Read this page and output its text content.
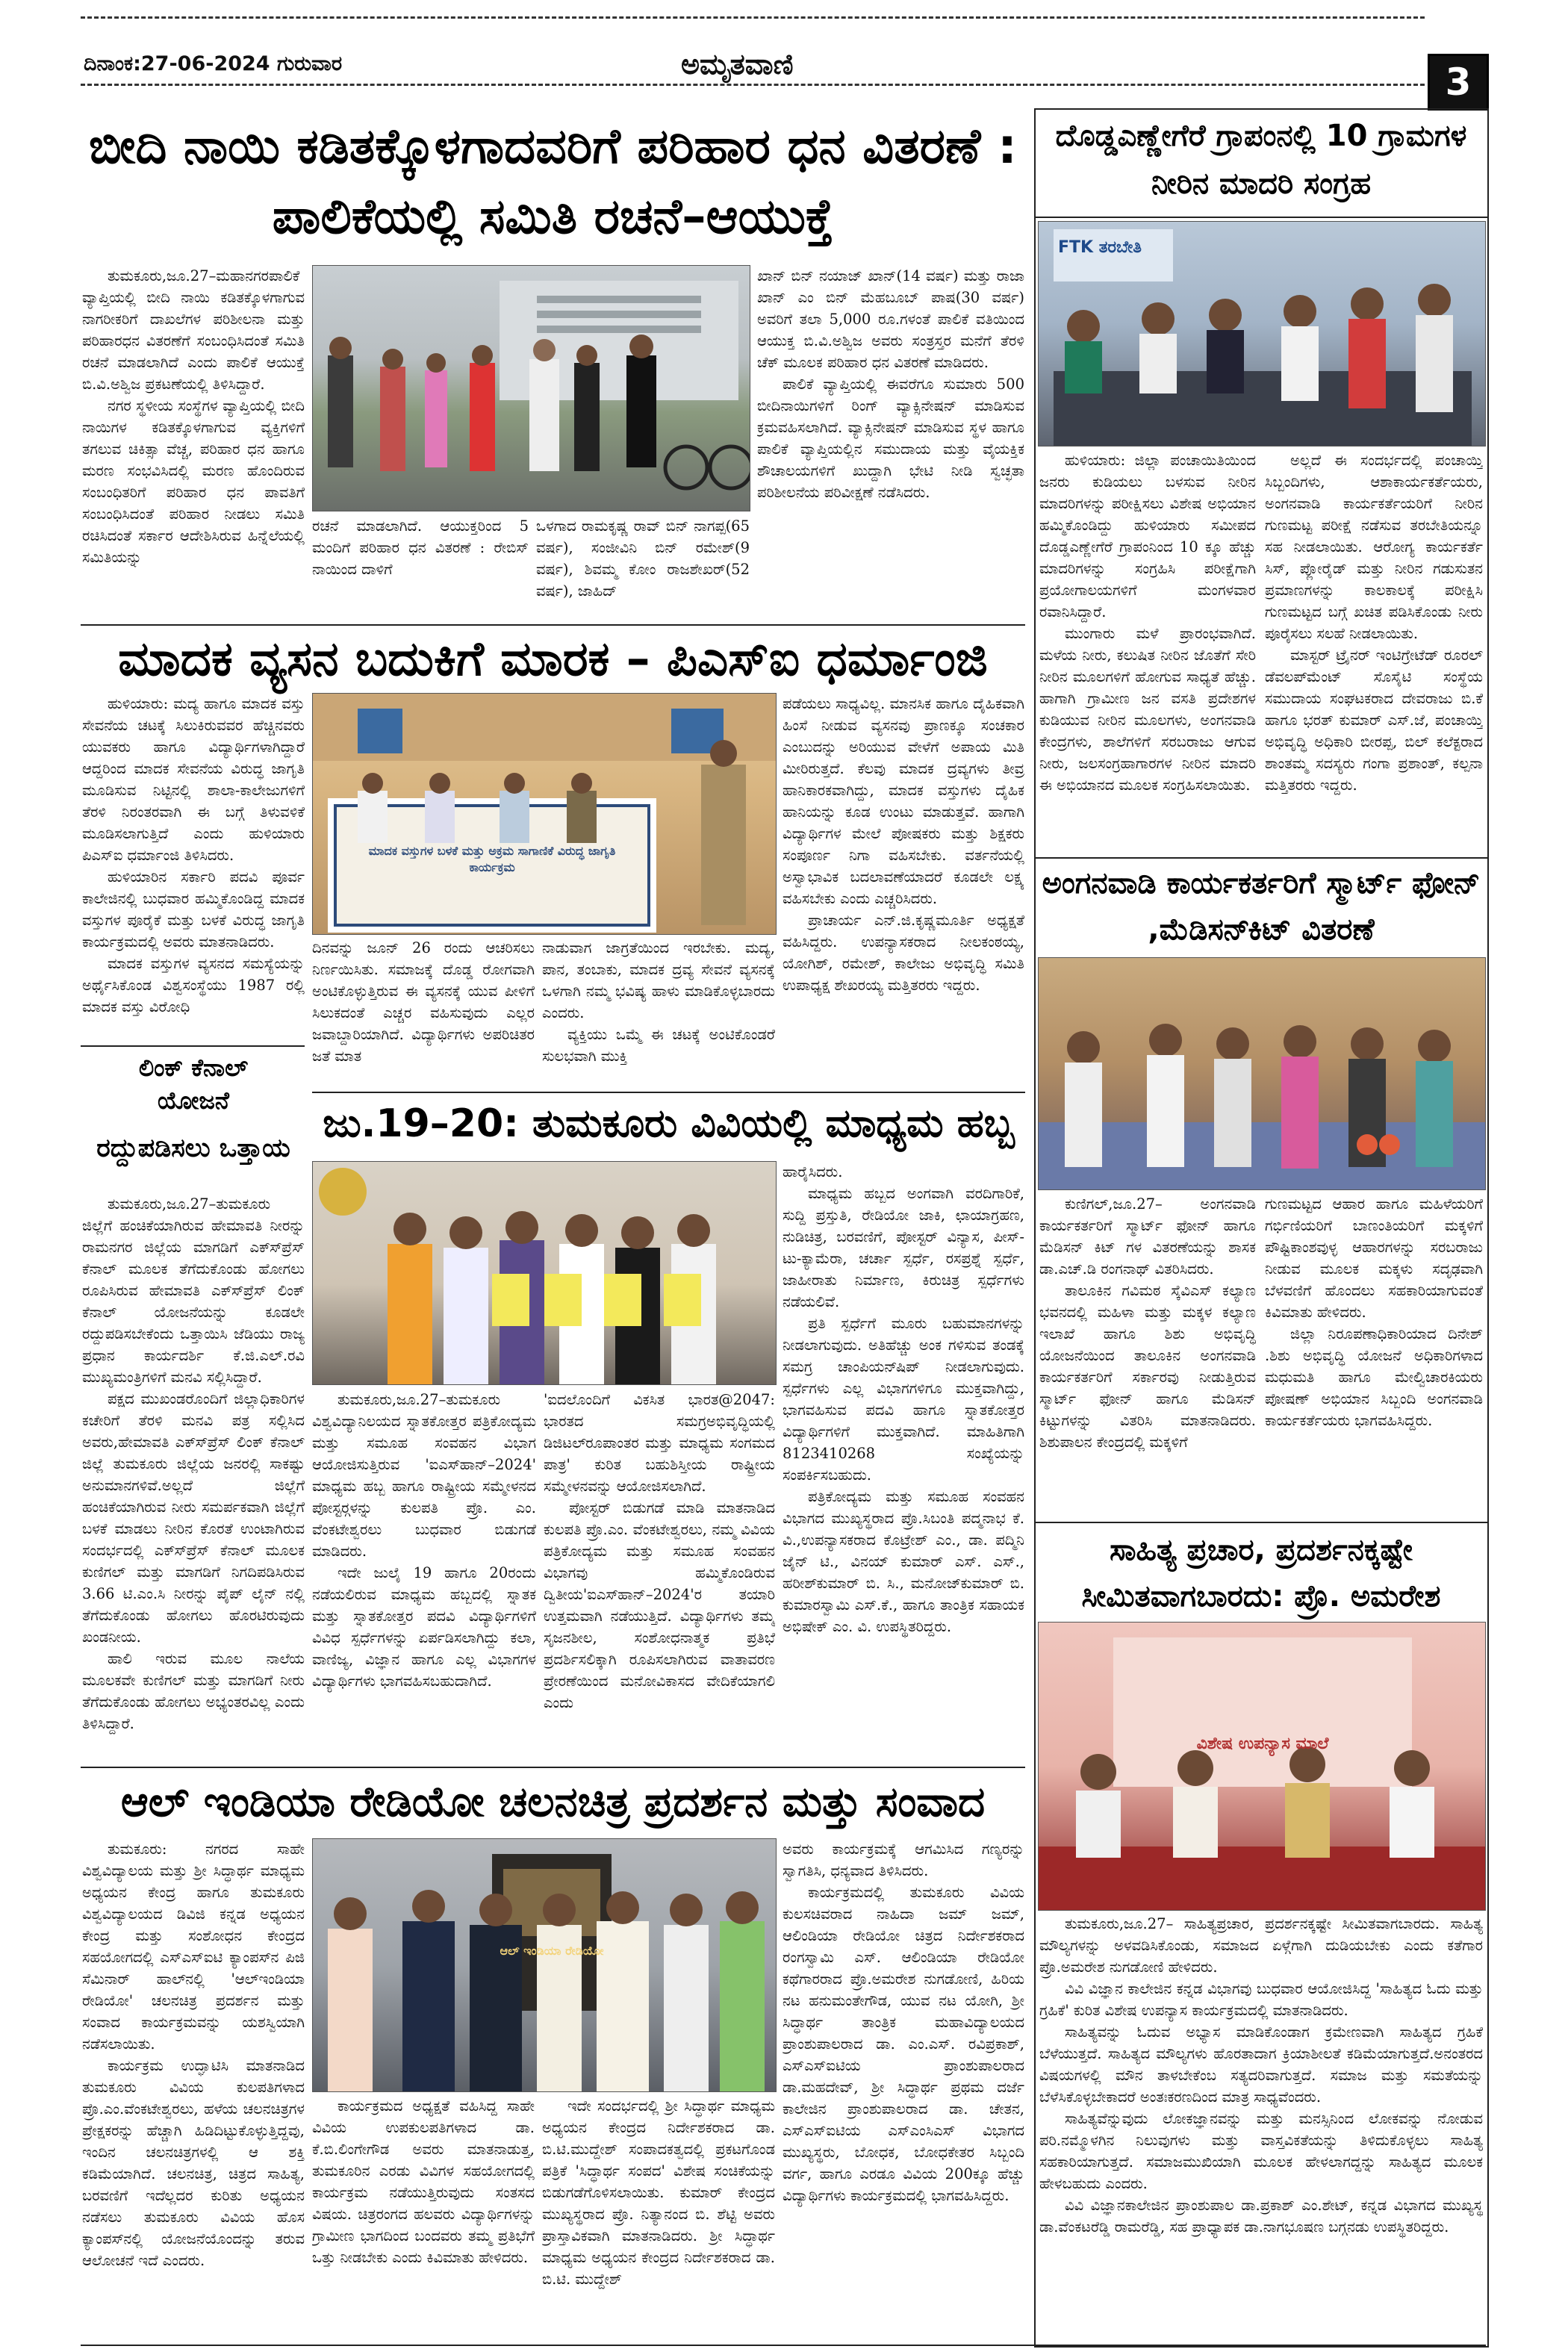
ದಿನಾಂಕ:27-06-2024 ಗುರುವಾರ	ಅಮೃತವಾಣಿ	3
ಬೀದಿ ನಾಯಿ ಕಡಿತಕ್ಕೊಳಗಾದವರಿಗೆ ಪರಿಹಾರ ಧನ ವಿತರಣೆ : ಪಾಲಿಕೆಯಲ್ಲಿ ಸಮಿತಿ ರಚನೆ–ಆಯುಕ್ತೆ

ತುಮಕೂರು,ಜೂ.27–ಮಹಾನಗರಪಾಲಿಕೆ ವ್ಯಾಪ್ತಿಯಲ್ಲಿ ಬೀದಿ ನಾಯಿ ಕಡಿತಕ್ಕೊಳಗಾಗುವ ನಾಗರೀಕರಿಗೆ ದಾಖಲೆಗಳ ಪರಿಶೀಲನಾ ಮತ್ತು ಪರಿಹಾರಧನ ವಿತರಣೆಗೆ ಸಂಬಂಧಿಸಿದಂತೆ ಸಮಿತಿ ರಚನೆ ಮಾಡಲಾಗಿದೆ ಎಂದು ಪಾಲಿಕೆ ಆಯುಕ್ತೆ ಬಿ.ವಿ.ಅಶ್ವಿಜ ಪ್ರಕಟಣೆಯಲ್ಲಿ ತಿಳಿಸಿದ್ದಾರೆ.

ನಗರ ಸ್ಥಳೀಯ ಸಂಸ್ಥೆಗಳ ವ್ಯಾಪ್ತಿಯಲ್ಲಿ ಬೀದಿ ನಾಯಿಗಳ ಕಡಿತಕ್ಕೊಳಗಾಗುವ ವ್ಯಕ್ತಿಗಳಿಗೆ ತಗಲುವ ಚಿಕಿತ್ಸಾ ವೆಚ್ಚ, ಪರಿಹಾರ ಧನ ಹಾಗೂ ಮರಣ ಸಂಭವಿಸಿದಲ್ಲಿ ಮರಣ ಹೊಂದಿರುವ ಸಂಬಂಧಿತರಿಗೆ ಪರಿಹಾರ ಧನ ಪಾವತಿಗೆ ಸಂಬಂಧಿಸಿದಂತೆ ಪರಿಹಾರ ನೀಡಲು ಸಮಿತಿ ರಚಿಸಿದಂತೆ ಸರ್ಕಾರ ಆದೇಶಿಸಿರುವ ಹಿನ್ನೆಲೆಯಲ್ಲಿ ಸಮಿತಿಯನ್ನು

ರಚನೆ ಮಾಡಲಾಗಿದೆ. ಆಯುಕ್ತರಿಂದ 5 ಮಂದಿಗೆ ಪರಿಹಾರ ಧನ ವಿತರಣೆ : ರೇಬಿಸ್ ನಾಯಿಂದ ದಾಳಿಗೆ

ಒಳಗಾದ ರಾಮಕೃಷ್ಣ ರಾವ್ ಬಿನ್ ನಾಗಪ್ಪ(65 ವರ್ಷ), ಸಂಜೀವಿನಿ ಬಿನ್ ರಮೇಶ್(9 ವರ್ಷ), ಶಿವಮ್ಮ ಕೋಂ ರಾಜಶೇಖರ್(52 ವರ್ಷ), ಜಾಹಿದ್

ಖಾನ್ ಬಿನ್ ನಯಾಜ್ ಖಾನ್(14 ವರ್ಷ) ಮತ್ತು ರಾಜಾ ಖಾನ್ ಎಂ ಬಿನ್ ಮೆಹಬೂಬ್ ಪಾಷ(30 ವರ್ಷ) ಅವರಿಗೆ ತಲಾ 5,000 ರೂ.ಗಳಂತೆ ಪಾಲಿಕೆ ವತಿಯಿಂದ ಆಯುಕ್ತ ಬಿ.ವಿ.ಅಶ್ವಿಜ ಅವರು ಸಂತ್ರಸ್ತರ ಮನೆಗೆ ತೆರಳಿ ಚೆಕ್ ಮೂಲಕ ಪರಿಹಾರ ಧನ ವಿತರಣೆ ಮಾಡಿದರು.

ಪಾಲಿಕೆ ವ್ಯಾಪ್ತಿಯಲ್ಲಿ ಈವರೆಗೂ ಸುಮಾರು 500 ಬೀದಿನಾಯಿಗಳಿಗೆ ರಿಂಗ್ ವ್ಯಾಕ್ಸಿನೇಷನ್ ಮಾಡಿಸುವ ಕ್ರಮವಹಿಸಲಾಗಿದೆ. ವ್ಯಾಕ್ಸಿನೇಷನ್ ಮಾಡಿಸುವ ಸ್ಥಳ ಹಾಗೂ ಪಾಲಿಕೆ ವ್ಯಾಪ್ತಿಯಲ್ಲಿನ ಸಮುದಾಯ ಮತ್ತು ವೈಯಕ್ತಿಕ ಶೌಚಾಲಯಗಳಿಗೆ ಖುದ್ದಾಗಿ ಭೇಟಿ ನೀಡಿ ಸ್ವಚ್ಛತಾ ಪರಿಶೀಲನೆಯ ಪರಿವೀಕ್ಷಣೆ ನಡೆಸಿದರು.

ಮಾದಕ ವ್ಯಸನ ಬದುಕಿಗೆ ಮಾರಕ – ಪಿಎಸ್ಐ ಧರ್ಮಾಂಜಿ

ಹುಳಿಯಾರು: ಮದ್ಯ ಹಾಗೂ ಮಾದಕ ವಸ್ತು ಸೇವನೆಯ ಚಟಕ್ಕೆ ಸಿಲುಕಿರುವವರ ಹೆಚ್ಚಿನವರು ಯುವಕರು ಹಾಗೂ ವಿದ್ಯಾರ್ಥಿಗಳಾಗಿದ್ದಾರೆ ಆದ್ದರಿಂದ ಮಾದಕ ಸೇವನೆಯ ವಿರುದ್ಧ ಜಾಗೃತಿ ಮೂಡಿಸುವ ನಿಟ್ಟಿನಲ್ಲಿ ಶಾಲಾ-ಕಾಲೇಜುಗಳಿಗೆ ತೆರಳಿ ನಿರಂತರವಾಗಿ ಈ ಬಗ್ಗೆ ತಿಳುವಳಿಕೆ ಮೂಡಿಸಲಾಗುತ್ತಿದೆ ಎಂದು ಹುಳಿಯಾರು ಪಿಎಸ್ಐ ಧರ್ಮಾಂಜಿ ತಿಳಿಸಿದರು.

ಹುಳಿಯಾರಿನ ಸರ್ಕಾರಿ ಪದವಿ ಪೂರ್ವ ಕಾಲೇಜಿನಲ್ಲಿ ಬುಧವಾರ ಹಮ್ಮಿಕೊಂಡಿದ್ದ ಮಾದಕ ವಸ್ತುಗಳ ಪೂರೈಕೆ ಮತ್ತು ಬಳಕೆ ವಿರುದ್ಧ ಜಾಗೃತಿ ಕಾರ್ಯಕ್ರಮದಲ್ಲಿ ಅವರು ಮಾತನಾಡಿದರು.

ಮಾದಕ ವಸ್ತುಗಳ ವ್ಯಸನದ ಸಮಸ್ಯೆಯನ್ನು ಅರ್ಥೈಸಿಕೊಂಡ ವಿಶ್ವಸಂಸ್ಥೆಯು 1987 ರಲ್ಲಿ ಮಾದಕ ವಸ್ತು ವಿರೋಧಿ

ಮಾದಕ ವಸ್ತುಗಳ ಬಳಕೆ ಮತ್ತು ಅಕ್ರಮ ಸಾಗಾಣಿಕೆ ವಿರುದ್ಧ ಜಾಗೃತಿ ಕಾರ್ಯಕ್ರಮ

ದಿನವನ್ನು ಜೂನ್ 26 ರಂದು ಆಚರಿಸಲು ನಿರ್ಣಯಿಸಿತು. ಸಮಾಜಕ್ಕೆ ದೊಡ್ಡ ರೋಗವಾಗಿ ಅಂಟಿಕೊಳ್ಳುತ್ತಿರುವ ಈ ವ್ಯಸನಕ್ಕೆ ಯುವ ಪೀಳಿಗೆ ಸಿಲುಕದಂತೆ ಎಚ್ಚರ ವಹಿಸುವುದು ಎಲ್ಲರ ಜವಾಬ್ದಾರಿಯಾಗಿದೆ. ವಿದ್ಯಾರ್ಥಿಗಳು ಅಪರಿಚಿತರ ಜತೆ ಮಾತ

ನಾಡುವಾಗ ಜಾಗ್ರತೆಯಿಂದ ಇರಬೇಕು. ಮದ್ಯ, ಪಾನ, ತಂಬಾಕು, ಮಾದಕ ದ್ರವ್ಯ ಸೇವನೆ ವ್ಯಸನಕ್ಕೆ ಒಳಗಾಗಿ ನಮ್ಮ ಭವಿಷ್ಯ ಹಾಳು ಮಾಡಿಕೊಳ್ಳಬಾರದು ಎಂದರು.

ವ್ಯಕ್ತಿಯು ಒಮ್ಮೆ ಈ ಚಟಕ್ಕೆ ಅಂಟಿಕೊಂಡರೆ ಸುಲಭವಾಗಿ ಮುಕ್ತಿ

ಪಡೆಯಲು ಸಾಧ್ಯವಿಲ್ಲ. ಮಾನಸಿಕ ಹಾಗೂ ದೈಹಿಕವಾಗಿ ಹಿಂಸೆ ನೀಡುವ ವ್ಯಸನವು ಪ್ರಾಣಕ್ಕೂ ಸಂಚಕಾರ ಎಂಬುದನ್ನು ಅರಿಯುವ ವೇಳೆಗೆ ಅಪಾಯ ಮಿತಿ ಮೀರಿರುತ್ತದೆ. ಕೆಲವು ಮಾದಕ ದ್ರವ್ಯಗಳು ತೀವ್ರ ಹಾನಿಕಾರಕವಾಗಿದ್ದು, ಮಾದಕ ವಸ್ತುಗಳು ದೈಹಿಕ ಹಾನಿಯನ್ನು ಕೂಡ ಉಂಟು ಮಾಡುತ್ತವೆ. ಹಾಗಾಗಿ ವಿದ್ಯಾರ್ಥಿಗಳ ಮೇಲೆ ಪೋಷಕರು ಮತ್ತು ಶಿಕ್ಷಕರು ಸಂಪೂರ್ಣ ನಿಗಾ ವಹಿಸಬೇಕು. ವರ್ತನೆಯಲ್ಲಿ ಅಸ್ವಾಭಾವಿಕ ಬದಲಾವಣೆಯಾದರೆ ಕೂಡಲೇ ಲಕ್ಷ್ಯ ವಹಿಸಬೇಕು ಎಂದು ಎಚ್ಚರಿಸಿದರು.

ಪ್ರಾಚಾರ್ಯ ಎನ್.ಜಿ.ಕೃಷ್ಣಮೂರ್ತಿ ಅಧ್ಯಕ್ಷತೆ ವಹಿಸಿದ್ದರು. ಉಪನ್ಯಾಸಕರಾದ ನೀಲಕಂಠಯ್ಯ, ಯೋಗಿಶ್, ರಮೇಶ್, ಕಾಲೇಜು ಅಭಿವೃದ್ಧಿ ಸಮಿತಿ ಉಪಾಧ್ಯಕ್ಷ ಶೇಖರಯ್ಯ ಮತ್ತಿತರರು ಇದ್ದರು.

ಲಿಂಕ್ ಕೆನಾಲ್
ಯೋಜನೆ
ರದ್ದುಪಡಿಸಲು ಒತ್ತಾಯ

ತುಮಕೂರು,ಜೂ.27–ತುಮಕೂರು ಜಿಲ್ಲೆಗೆ ಹಂಚಿಕೆಯಾಗಿರುವ ಹೇಮಾವತಿ ನೀರನ್ನು ರಾಮನಗರ ಜಿಲ್ಲೆಯ ಮಾಗಡಿಗೆ ಎಕ್ಸ್‍ಪ್ರೆಸ್ ಕೆನಾಲ್ ಮೂಲಕ ತೆಗೆದುಕೊಂಡು ಹೋಗಲು ರೂಪಿಸಿರುವ ಹೇಮಾವತಿ ಎಕ್ಸ್‍ಪ್ರೆಸ್ ಲಿಂಕ್ ಕೆನಾಲ್ ಯೋಜನೆಯನ್ನು ಕೂಡಲೇ ರದ್ದುಪಡಿಸಬೇಕೆಂದು ಒತ್ತಾಯಿಸಿ ಜೆಡಿಯು ರಾಜ್ಯ ಪ್ರಧಾನ ಕಾರ್ಯದರ್ಶಿ ಕೆ.ಜಿ.ಎಲ್.ರವಿ ಮುಖ್ಯಮಂತ್ರಿಗಳಿಗೆ ಮನವಿ ಸಲ್ಲಿಸಿದ್ದಾರೆ.

ಪಕ್ಷದ ಮುಖಂಡರೊಂದಿಗೆ ಜಿಲ್ಲಾಧಿಕಾರಿಗಳ ಕಚೇರಿಗೆ ತೆರಳಿ ಮನವಿ ಪತ್ರ ಸಲ್ಲಿಸಿದ ಅವರು,ಹೇಮಾವತಿ ಎಕ್ಸ್‍ಪ್ರೆಸ್ ಲಿಂಕ್ ಕೆನಾಲ್ ಜಿಲ್ಲೆ ತುಮಕೂರು ಜಿಲ್ಲೆಯ ಜನರಲ್ಲಿ ಸಾಕಷ್ಟು ಅನುಮಾನಗಳಿವೆ.ಅಲ್ಲದೆ ಜಿಲ್ಲೆಗೆ ಹಂಚಿಕೆಯಾಗಿರುವ ನೀರು ಸಮರ್ಪಕವಾಗಿ ಜಿಲ್ಲೆಗೆ ಬಳಕೆ ಮಾಡಲು ನೀರಿನ ಕೊರತೆ ಉಂಟಾಗಿರುವ ಸಂದರ್ಭದಲ್ಲಿ ಎಕ್ಸ್‍ಪ್ರೆಸ್ ಕೆನಾಲ್ ಮೂಲಕ ಕುಣಿಗಲ್ ಮತ್ತು ಮಾಗಡಿಗೆ ನಿಗದಿಪಡಿಸಿರುವ 3.66 ಟಿ.ಎಂ.ಸಿ ನೀರನ್ನು ಪೈಪ್ ಲೈನ್ ನಲ್ಲಿ ತೆಗೆದುಕೊಂಡು ಹೋಗಲು ಹೊರಟಿರುವುದು ಖಂಡನೀಯ.

ಹಾಲಿ ಇರುವ ಮೂಲ ನಾಲೆಯ ಮೂಲಕವೇ ಕುಣಿಗಲ್ ಮತ್ತು ಮಾಗಡಿಗೆ ನೀರು ತೆಗೆದುಕೊಂಡು ಹೋಗಲು ಅಭ್ಯಂತರವಿಲ್ಲ ಎಂದು ತಿಳಿಸಿದ್ದಾರೆ.

ಜು.19–20: ತುಮಕೂರು ವಿವಿಯಲ್ಲಿ ಮಾಧ್ಯಮ ಹಬ್ಬ

ತುಮಕೂರು,ಜೂ.27–ತುಮಕೂರು ವಿಶ್ವವಿದ್ಯಾನಿಲಯದ ಸ್ನಾತಕೋತ್ತರ ಪತ್ರಿಕೋದ್ಯಮ ಮತ್ತು ಸಮೂಹ ಸಂವಹನ ವಿಭಾಗ ಆಯೋಜಿಸುತ್ತಿರುವ 'ಐಎಸ್‍ಹಾನ್–2024' ಮಾಧ್ಯಮ ಹಬ್ಬ ಹಾಗೂ ರಾಷ್ಟ್ರೀಯ ಸಮ್ಮೇಳನದ ಪೋಸ್ಟರ್‍ಗಳನ್ನು ಕುಲಪತಿ ಪ್ರೊ. ಎಂ. ವೆಂಕಟೇಶ್ವರಲು ಬುಧವಾರ ಬಿಡುಗಡೆ ಮಾಡಿದರು.

ಇದೇ ಜುಲೈ 19 ಹಾಗೂ 20ರಂದು ನಡೆಯಲಿರುವ ಮಾಧ್ಯಮ ಹಬ್ಬದಲ್ಲಿ ಸ್ನಾತಕ ಮತ್ತು ಸ್ನಾತಕೋತ್ತರ ಪದವಿ ವಿದ್ಯಾರ್ಥಿಗಳಿಗೆ ವಿವಿಧ ಸ್ಪರ್ಧೆಗಳನ್ನು ಏರ್ಪಡಿಸಲಾಗಿದ್ದು ಕಲಾ, ವಾಣಿಜ್ಯ, ವಿಜ್ಞಾನ ಹಾಗೂ ಎಲ್ಲ ವಿಭಾಗಗಳ ವಿದ್ಯಾರ್ಥಿಗಳು ಭಾಗವಹಿಸಬಹುದಾಗಿದೆ.

'ಐದಲೊಂದಿಗೆ ವಿಕಸಿತ ಭಾರತ@2047: ಭಾರತದ ಸಮಗ್ರಅಭಿವೃದ್ಧಿಯಲ್ಲಿ ಡಿಜಿಟಲ್‍ರೂಪಾಂತರ ಮತ್ತು ಮಾಧ್ಯಮ ಸಂಗಮದ ಪಾತ್ರ' ಕುರಿತ ಬಹುಶಿಸ್ತೀಯ ರಾಷ್ಟ್ರೀಯ ಸಮ್ಮೇಳನವನ್ನು ಆಯೋಜಿಸಲಾಗಿದೆ.

ಪೋಸ್ಟರ್ ಬಿಡುಗಡೆ ಮಾಡಿ ಮಾತನಾಡಿದ ಕುಲಪತಿ ಪ್ರೊ.ಎಂ. ವೆಂಕಟೇಶ್ವರಲು, ನಮ್ಮ ವಿವಿಯ ಪತ್ರಿಕೋದ್ಯಮ ಮತ್ತು ಸಮೂಹ ಸಂವಹನ ವಿಭಾಗವು ಹಮ್ಮಿಕೊಂಡಿರುವ ದ್ವಿತೀಯ'ಐಎಸ್‍ಹಾನ್–2024'ರ ತಯಾರಿ ಉತ್ತಮವಾಗಿ ನಡೆಯುತ್ತಿದೆ. ವಿದ್ಯಾರ್ಥಿಗಳು ತಮ್ಮ ಸೃಜನಶೀಲ, ಸಂಶೋಧನಾತ್ಮಕ ಪ್ರತಿಭೆ ಪ್ರದರ್ಶಿಸಲಿಕ್ಕಾಗಿ ರೂಪಿಸಲಾಗಿರುವ ವಾತಾವರಣ ಪ್ರೇರಣೆಯಿಂದ ಮನೋವಿಕಾಸದ ವೇದಿಕೆಯಾಗಲಿ ಎಂದು

ಹಾರೈಸಿದರು.

ಮಾಧ್ಯಮ ಹಬ್ಬದ ಅಂಗವಾಗಿ ವರದಿಗಾರಿಕೆ, ಸುದ್ದಿ ಪ್ರಸ್ತುತಿ, ರೇಡಿಯೋ ಜಾಕಿ, ಛಾಯಾಗ್ರಹಣ, ನುಡಿಚಿತ್ರ, ಬರವಣಿಗೆ, ಪೋಸ್ಟರ್ ವಿನ್ಯಾಸ, ಪೀಸ್-ಟು-ಕ್ಯಾಮೆರಾ, ಚರ್ಚಾ ಸ್ಪರ್ಧೆ, ರಸಪ್ರಶ್ನೆ ಸ್ಪರ್ಧೆ, ಜಾಹೀರಾತು ನಿರ್ಮಾಣ, ಕಿರುಚಿತ್ರ ಸ್ಪರ್ಧೆಗಳು ನಡೆಯಲಿವೆ.

ಪ್ರತಿ ಸ್ಪರ್ಧೆಗೆ ಮೂರು ಬಹುಮಾನಗಳನ್ನು ನೀಡಲಾಗುವುದು. ಅತಿಹೆಚ್ಚು ಅಂಕ ಗಳಿಸುವ ತಂಡಕ್ಕೆ ಸಮಗ್ರ ಚಾಂಪಿಯನ್‍ಷಿಪ್ ನೀಡಲಾಗುವುದು. ಸ್ಪರ್ಧೆಗಳು ಎಲ್ಲ ವಿಭಾಗಗಳಿಗೂ ಮುಕ್ತವಾಗಿದ್ದು, ಭಾಗವಹಿಸುವ ಪದವಿ ಹಾಗೂ ಸ್ನಾತಕೋತ್ತರ ವಿದ್ಯಾರ್ಥಿಗಳಿಗೆ ಮುಕ್ತವಾಗಿದೆ. ಮಾಹಿತಿಗಾಗಿ 8123410268 ಸಂಖ್ಯೆಯನ್ನು ಸಂಪರ್ಕಿಸಬಹುದು.

ಪತ್ರಿಕೋದ್ಯಮ ಮತ್ತು ಸಮೂಹ ಸಂವಹನ ವಿಭಾಗದ ಮುಖ್ಯಸ್ಥರಾದ ಪ್ರೊ.ಸಿಬಂತಿ ಪದ್ಮನಾಭ ಕೆ. ವಿ.,ಉಪನ್ಯಾಸಕರಾದ ಕೊಟ್ರೇಶ್ ಎಂ., ಡಾ. ಪದ್ಮಿನಿ ಜೈನ್ ಟಿ., ವಿನಯ್ ಕುಮಾರ್ ಎಸ್. ಎಸ್., ಹರೀಶ್‍ಕುಮಾರ್ ಬಿ. ಸಿ., ಮನೋಜ್‍ಕುಮಾರ್ ಬಿ. ಕುಮಾರಸ್ವಾಮಿ ಎಸ್.ಕೆ., ಹಾಗೂ ತಾಂತ್ರಿಕ ಸಹಾಯಕ ಅಭಿಷೇಕ್ ಎಂ. ವಿ. ಉಪಸ್ಥಿತರಿದ್ದರು.

ಆಲ್ ಇಂಡಿಯಾ ರೇಡಿಯೋ ಚಲನಚಿತ್ರ ಪ್ರದರ್ಶನ ಮತ್ತು ಸಂವಾದ

ತುಮಕೂರು: ನಗರದ ಸಾಹೇ ವಿಶ್ವವಿದ್ಯಾಲಯ ಮತ್ತು ಶ್ರೀ ಸಿದ್ಧಾರ್ಥ ಮಾಧ್ಯಮ ಅಧ್ಯಯನ ಕೇಂದ್ರ ಹಾಗೂ ತುಮಕೂರು ವಿಶ್ವವಿದ್ಯಾಲಯದ ಡಿವಿಜಿ ಕನ್ನಡ ಅಧ್ಯಯನ ಕೇಂದ್ರ ಮತ್ತು ಸಂಶೋಧನ ಕೇಂದ್ರದ ಸಹಯೋಗದಲ್ಲಿ ಎಸ್‍ಎಸ್‍ಐಟಿ ಕ್ಯಾಂಪಸ್‍ನ ಪಿಜಿ ಸೆಮಿನಾರ್ ಹಾಲ್‍ನಲ್ಲಿ 'ಆಲ್‍ಇಂಡಿಯಾ ರೇಡಿಯೋ' ಚಲನಚಿತ್ರ ಪ್ರದರ್ಶನ ಮತ್ತು ಸಂವಾದ ಕಾರ್ಯಕ್ರಮವನ್ನು ಯಶಸ್ವಿಯಾಗಿ ನಡೆಸಲಾಯಿತು.

ಕಾರ್ಯಕ್ರಮ ಉದ್ಘಾಟಿಸಿ ಮಾತನಾಡಿದ ತುಮಕೂರು ವಿವಿಯ ಕುಲಪತಿಗಳಾದ ಪ್ರೊ.ಎಂ.ವೆಂಕಟೇಶ್ವರಲು, ಹಳೆಯ ಚಲನಚಿತ್ರಗಳ ಪ್ರೇಕ್ಷಕರನ್ನು ಹೆಚ್ಚಾಗಿ ಹಿಡಿದಿಟ್ಟುಕೊಳ್ಳುತ್ತಿದ್ದವು, ಇಂದಿನ ಚಲನಚಿತ್ರಗಳಲ್ಲಿ ಆ ಶಕ್ತಿ ಕಡಿಮೆಯಾಗಿದೆ. ಚಲನಚಿತ್ರ, ಚಿತ್ರದ ಸಾಹಿತ್ಯ, ಬರವಣಿಗೆ ಇದೆಲ್ಲದರ ಕುರಿತು ಅಧ್ಯಯನ ನಡೆಸಲು ತುಮಕೂರು ವಿವಿಯ ಹೊಸ ಕ್ಯಾಂಪಸ್‍ನಲ್ಲಿ ಯೋಜನೆಯೊಂದನ್ನು ತರುವ ಆಲೋಚನೆ ಇದೆ ಎಂದರು.

ಆಲ್ ಇಂಡಿಯಾ ರೇಡಿಯೋ

ಕಾರ್ಯಕ್ರಮದ ಅಧ್ಯಕ್ಷತೆ ವಹಿಸಿದ್ದ ಸಾಹೇ ವಿವಿಯ ಉಪಕುಲಪತಿಗಳಾದ ಡಾ. ಕೆ.ಬಿ.ಲಿಂಗೇಗೌಡ ಅವರು ಮಾತನಾಡುತ್ತ, ತುಮಕೂರಿನ ಎರಡು ವಿವಿಗಳ ಸಹಯೋಗದಲ್ಲಿ ಕಾರ್ಯಕ್ರಮ ನಡೆಯುತ್ತಿರುವುದು ಸಂತಸದ ವಿಷಯ. ಚಿತ್ರರಂಗದ ಹಲವರು ವಿದ್ಯಾರ್ಥಿಗಳನ್ನು ಗ್ರಾಮೀಣ ಭಾಗದಿಂದ ಬಂದವರು ತಮ್ಮ ಪ್ರತಿಭೆಗೆ ಒತ್ತು ನೀಡಬೇಕು ಎಂದು ಕಿವಿಮಾತು ಹೇಳಿದರು.

ಇದೇ ಸಂದರ್ಭದಲ್ಲಿ ಶ್ರೀ ಸಿದ್ಧಾರ್ಥ ಮಾಧ್ಯಮ ಅಧ್ಯಯನ ಕೇಂದ್ರದ ನಿರ್ದೇಶಕರಾದ ಡಾ. ಬಿ.ಟಿ.ಮುದ್ದೇಶ್ ಸಂಪಾದಕತ್ವದಲ್ಲಿ ಪ್ರಕಟಗೊಂಡ ಪತ್ರಿಕೆ 'ಸಿದ್ಧಾರ್ಥ ಸಂಪದ' ವಿಶೇಷ ಸಂಚಿಕೆಯನ್ನು ಬಿಡುಗಡೆಗೊಳಿಸಲಾಯಿತು. ಕುಮಾರ್ ಕೇಂದ್ರದ ಮುಖ್ಯಸ್ಥರಾದ ಪ್ರೊ. ನಿತ್ಯಾನಂದ ಬಿ. ಶೆಟ್ಟಿ ಅವರು ಪ್ರಾಸ್ತಾವಿಕವಾಗಿ ಮಾತನಾಡಿದರು. ಶ್ರೀ ಸಿದ್ಧಾರ್ಥ ಮಾಧ್ಯಮ ಅಧ್ಯಯನ ಕೇಂದ್ರದ ನಿರ್ದೇಶಕರಾದ ಡಾ. ಬಿ.ಟಿ. ಮುದ್ದೇಶ್

ಅವರು ಕಾರ್ಯಕ್ರಮಕ್ಕೆ ಆಗಮಿಸಿದ ಗಣ್ಯರನ್ನು ಸ್ವಾಗತಿಸಿ, ಧನ್ಯವಾದ ತಿಳಿಸಿದರು.

ಕಾರ್ಯಕ್ರಮದಲ್ಲಿ ತುಮಕೂರು ವಿವಿಯ ಕುಲಸಚಿವರಾದ ನಾಹಿದಾ ಜಮ್ ಜಮ್, ಆಲಿಂಡಿಯಾ ರೇಡಿಯೋ ಚಿತ್ರದ ನಿರ್ದೇಶಕರಾದ ರಂಗಸ್ವಾಮಿ ಎಸ್. ಆಲಿಂಡಿಯಾ ರೇಡಿಯೋ ಕಥೆಗಾರರಾದ ಪ್ರೊ.ಅಮರೇಶ ನುಗಡೋಣಿ, ಹಿರಿಯ ನಟ ಹನುಮಂತೇಗೌಡ, ಯುವ ನಟ ಯೋಗಿ, ಶ್ರೀ ಸಿದ್ಧಾರ್ಥ ತಾಂತ್ರಿಕ ಮಹಾವಿದ್ಯಾಲಯದ ಪ್ರಾಂಶುಪಾಲರಾದ ಡಾ. ಎಂ.ಎಸ್. ರವಿಪ್ರಕಾಶ್, ಎಸ್‍ಎಸ್‍ಐಟಿಯ ಪ್ರಾಂಶುಪಾಲರಾದ ಡಾ.ಮಹದೇವ್, ಶ್ರೀ ಸಿದ್ಧಾರ್ಥ ಪ್ರಥಮ ದರ್ಜೆ ಕಾಲೇಜಿನ ಪ್ರಾಂಶುಪಾಲರಾದ ಡಾ. ಚೇತನ, ಎಸ್‍ಎಸ್‍ಐಟಿಯ ಎಸ್‍ಎಂಸಿಎಸ್ ವಿಭಾಗದ ಮುಖ್ಯಸ್ಥರು, ಬೋಧಕ, ಬೋಧಕೇತರ ಸಿಬ್ಬಂದಿ ವರ್ಗ, ಹಾಗೂ ಎರಡೂ ವಿವಿಯ 200ಕ್ಕೂ ಹೆಚ್ಚು ವಿದ್ಯಾರ್ಥಿಗಳು ಕಾರ್ಯಕ್ರಮದಲ್ಲಿ ಭಾಗವಹಿಸಿದ್ದರು.

ದೊಡ್ಡಎಣ್ಣೇಗೆರೆ ಗ್ರಾಪಂನಲ್ಲಿ 10 ಗ್ರಾಮಗಳ ನೀರಿನ ಮಾದರಿ ಸಂಗ್ರಹ
FTK ತರಬೇತಿ

ಹುಳಿಯಾರು: ಜಿಲ್ಲಾ ಪಂಚಾಯಿತಿಯಿಂದ ಜನರು ಕುಡಿಯಲು ಬಳಸುವ ನೀರಿನ ಮಾದರಿಗಳನ್ನು ಪರೀಕ್ಷಿಸಲು ವಿಶೇಷ ಅಭಿಯಾನ ಹಮ್ಮಿಕೊಂಡಿದ್ದು ಹುಳಿಯಾರು ಸಮೀಪದ ದೊಡ್ಡಎಣ್ಣೇಗೆರೆ ಗ್ರಾಪಂನಿಂದ 10 ಕ್ಕೂ ಹೆಚ್ಚು ಮಾದರಿಗಳನ್ನು ಸಂಗ್ರಹಿಸಿ ಪರೀಕ್ಷೆಗಾಗಿ ಪ್ರಯೋಗಾಲಯಗಳಿಗೆ ಮಂಗಳವಾರ ರವಾನಿಸಿದ್ದಾರೆ.

ಮುಂಗಾರು ಮಳೆ ಪ್ರಾರಂಭವಾಗಿದೆ. ಮಳೆಯ ನೀರು, ಕಲುಷಿತ ನೀರಿನ ಜೊತೆಗೆ ಸೇರಿ ನೀರಿನ ಮೂಲಗಳಿಗೆ ಹೋಗುವ ಸಾಧ್ಯತೆ ಹೆಚ್ಚು. ಹಾಗಾಗಿ ಗ್ರಾಮೀಣ ಜನ ವಸತಿ ಪ್ರದೇಶಗಳ ಕುಡಿಯುವ ನೀರಿನ ಮೂಲಗಳು, ಅಂಗನವಾಡಿ ಕೇಂದ್ರಗಳು, ಶಾಲೆಗಳಿಗೆ ಸರಬರಾಜು ಆಗುವ ನೀರು, ಜಲಸಂಗ್ರಹಾಗಾರಗಳ ನೀರಿನ ಮಾದರಿ ಈ ಅಭಿಯಾನದ ಮೂಲಕ ಸಂಗ್ರಹಿಸಲಾಯಿತು.

ಅಲ್ಲದೆ ಈ ಸಂದರ್ಭದಲ್ಲಿ ಪಂಚಾಯ್ತಿ ಸಿಬ್ಬಂದಿಗಳು, ಆಶಾಕಾರ್ಯಕರ್ತೆಯರು, ಅಂಗನವಾಡಿ ಕಾರ್ಯಕರ್ತೆಯರಿಗೆ ನೀರಿನ ಗುಣಮಟ್ಟ ಪರೀಕ್ಷೆ ನಡೆಸುವ ತರಬೇತಿಯನ್ನೂ ಸಹ ನೀಡಲಾಯಿತು. ಆರೋಗ್ಯ ಕಾರ್ಯಕರ್ತೆ ಸಿಸ್, ಪ್ಲೋರೈಡ್ ಮತ್ತು ನೀರಿನ ಗಡುಸುತನ ಪ್ರಮಾಣಗಳನ್ನು ಕಾಲಕಾಲಕ್ಕೆ ಪರೀಕ್ಷಿಸಿ ಗುಣಮಟ್ಟದ ಬಗ್ಗೆ ಖಚಿತ ಪಡಿಸಿಕೊಂಡು ನೀರು ಪೂರೈಸಲು ಸಲಹೆ ನೀಡಲಾಯಿತು.

ಮಾಸ್ಟರ್ ಟ್ರೈನರ್ ಇಂಟಿಗ್ರೇಟೆಡ್ ರೂರಲ್ ಡೆವಲಪ್‍ಮೆಂಟ್ ಸೊಸೈಟಿ ಸಂಸ್ಥೆಯ ಸಮುದಾಯ ಸಂಘಟಕರಾದ ದೇವರಾಜು ಬಿ.ಕೆ ಹಾಗೂ ಭರತ್ ಕುಮಾರ್ ಎಸ್.ಜೆ, ಪಂಚಾಯ್ತಿ ಅಭಿವೃದ್ಧಿ ಅಧಿಕಾರಿ ಬೀರಪ್ಪ, ಬಿಲ್ ಕಲೆಕ್ಟರಾದ ಶಾಂತಮ್ಮ ಸದಸ್ಯರು ಗಂಗಾ ಪ್ರಶಾಂತ್, ಕಲ್ಪನಾ ಮತ್ತಿತರರು ಇದ್ದರು.

ಅಂಗನವಾಡಿ ಕಾರ್ಯಕರ್ತರಿಗೆ ಸ್ಮಾರ್ಟ್ ಫೋನ್ ,ಮೆಡಿಸನ್‍ಕಿಟ್ ವಿತರಣೆ

ಕುಣಿಗಲ್,ಜೂ.27– ಅಂಗನವಾಡಿ ಕಾರ್ಯಕರ್ತರಿಗೆ ಸ್ಮಾರ್ಟ್ ಫೋನ್ ಹಾಗೂ ಮೆಡಿಸನ್ ಕಿಟ್ ಗಳ ವಿತರಣೆಯನ್ನು ಶಾಸಕ ಡಾ.ಎಚ್.ಡಿ ರಂಗನಾಥ್ ವಿತರಿಸಿದರು.

ತಾಲೂಕಿನ ಗವಿಮಠ ಸ್ಕೆವಿಎಸ್ ಕಲ್ಯಾಣ ಭವನದಲ್ಲಿ ಮಹಿಳಾ ಮತ್ತು ಮಕ್ಕಳ ಕಲ್ಯಾಣ ಇಲಾಖೆ ಹಾಗೂ ಶಿಶು ಅಭಿವೃದ್ಧಿ ಯೋಜನೆಯಿಂದ ತಾಲೂಕಿನ ಅಂಗನವಾಡಿ ಕಾರ್ಯಕರ್ತರಿಗೆ ಸರ್ಕಾರವು ನೀಡುತ್ತಿರುವ ಸ್ಮಾರ್ಟ್ ಫೋನ್ ಹಾಗೂ ಮೆಡಿಸನ್ ಕಿಟ್ಟುಗಳನ್ನು ವಿತರಿಸಿ ಮಾತನಾಡಿದರು. ಶಿಶುಪಾಲನ ಕೇಂದ್ರದಲ್ಲಿ ಮಕ್ಕಳಿಗೆ

ಗುಣಮಟ್ಟದ ಆಹಾರ ಹಾಗೂ ಮಹಿಳೆಯರಿಗೆ ಗರ್ಭಿಣಿಯರಿಗೆ ಬಾಣಂತಿಯರಿಗೆ ಮಕ್ಕಳಿಗೆ ಪೌಷ್ಟಿಕಾಂಶವುಳ್ಳ ಆಹಾರಗಳನ್ನು ಸರಬರಾಜು ನೀಡುವ ಮೂಲಕ ಮಕ್ಕಳು ಸದೃಢವಾಗಿ ಬೆಳವಣಿಗೆ ಹೊಂದಲು ಸಹಕಾರಿಯಾಗುವಂತೆ ಕಿವಿಮಾತು ಹೇಳಿದರು.

ಜಿಲ್ಲಾ ನಿರೂಪಣಾಧಿಕಾರಿಯಾದ ದಿನೇಶ್ .ಶಿಶು ಅಭಿವೃದ್ಧಿ ಯೋಜನೆ ಅಧಿಕಾರಿಗಳಾದ ಮಧುಮತಿ ಹಾಗೂ ಮೇಲ್ವಿಚಾರಕಿಯರು ಪೋಷಣ್ ಅಭಿಯಾನ ಸಿಬ್ಬಂದಿ ಅಂಗನವಾಡಿ ಕಾರ್ಯಕರ್ತೆಯರು ಭಾಗವಹಿಸಿದ್ದರು.

ಸಾಹಿತ್ಯ ಪ್ರಚಾರ, ಪ್ರದರ್ಶನಕ್ಕಷ್ಟೇ ಸೀಮಿತವಾಗಬಾರದು: ಪ್ರೊ. ಅಮರೇಶ
ವಿಶೇಷ ಉಪನ್ಯಾಸ ಮಾಲೆ

ತುಮಕೂರು,ಜೂ.27– ಸಾಹಿತ್ಯಪ್ರಚಾರ, ಪ್ರದರ್ಶನಕ್ಕಷ್ಟೇ ಸೀಮಿತವಾಗಬಾರದು. ಸಾಹಿತ್ಯ ಮೌಲ್ಯಗಳನ್ನು ಅಳವಡಿಸಿಕೊಂಡು, ಸಮಾಜದ ಏಳ್ಗೆಗಾಗಿ ದುಡಿಯಬೇಕು ಎಂದು ಕತೆಗಾರ ಪ್ರೊ.ಅಮರೇಶ ನುಗಡೋಣಿ ಹೇಳಿದರು.

ವಿವಿ ವಿಜ್ಞಾನ ಕಾಲೇಜಿನ ಕನ್ನಡ ವಿಭಾಗವು ಬುಧವಾರ ಆಯೋಜಿಸಿದ್ದ 'ಸಾಹಿತ್ಯದ ಓದು ಮತ್ತು ಗ್ರಹಿಕೆ' ಕುರಿತ ವಿಶೇಷ ಉಪನ್ಯಾಸ ಕಾರ್ಯಕ್ರಮದಲ್ಲಿ ಮಾತನಾಡಿದರು.

ಸಾಹಿತ್ಯವನ್ನು ಓದುವ ಅಭ್ಯಾಸ ಮಾಡಿಕೊಂಡಾಗ ಕ್ರಮೇಣವಾಗಿ ಸಾಹಿತ್ಯದ ಗ್ರಹಿಕೆ ಬೆಳೆಯುತ್ತದೆ. ಸಾಹಿತ್ಯದ ಮೌಲ್ಯಗಳು ಹೊರತಾದಾಗ ಕ್ರಿಯಾಶೀಲತೆ ಕಡಿಮೆಯಾಗುತ್ತದೆ.ಅನಂತರದ ವಿಷಯಗಳಲ್ಲಿ ಮೌನ ತಾಳಬೇಕೆಂಬ ಸತ್ಯದರಿವಾಗುತ್ತದೆ. ಸಮಾಜ ಮತ್ತು ಸಮತೆಯನ್ನು ಬೆಳೆಸಿಕೊಳ್ಳಬೇಕಾದರೆ ಅಂತಃಕರಣದಿಂದ ಮಾತ್ರ ಸಾಧ್ಯವೆಂದರು.

ಸಾಹಿತ್ಯವೆನ್ನುವುದು ಲೋಕಜ್ಞಾನವನ್ನು ಮತ್ತು ಮನಸ್ಸಿನಿಂದ ಲೋಕವನ್ನು ನೋಡುವ ಪರಿ.ನಮ್ಮೊಳಗಿನ ನಿಲುವುಗಳು ಮತ್ತು ವಾಸ್ತವಿಕತೆಯನ್ನು ತಿಳಿದುಕೊಳ್ಳಲು ಸಾಹಿತ್ಯ ಸಹಕಾರಿಯಾಗುತ್ತದೆ. ಸಮಾಜಮುಖಿಯಾಗಿ ಮೂಲಕ ಹೇಳಲಾಗದ್ದನ್ನು ಸಾಹಿತ್ಯದ ಮೂಲಕ ಹೇಳಬಹುದು ಎಂದರು.

ವಿವಿ ವಿಜ್ಞಾನಕಾಲೇಜಿನ ಪ್ರಾಂಶುಪಾಲ ಡಾ.ಪ್ರಕಾಶ್ ಎಂ.ಶೇಟ್, ಕನ್ನಡ ವಿಭಾಗದ ಮುಖ್ಯಸ್ಥ ಡಾ.ವೆಂಕಟರೆಡ್ಡಿ ರಾಮರೆಡ್ಡಿ, ಸಹ ಪ್ರಾಧ್ಯಾಪಕ ಡಾ.ನಾಗಭೂಷಣ ಬಗ್ಗನಡು ಉಪಸ್ಥಿತರಿದ್ದರು.
